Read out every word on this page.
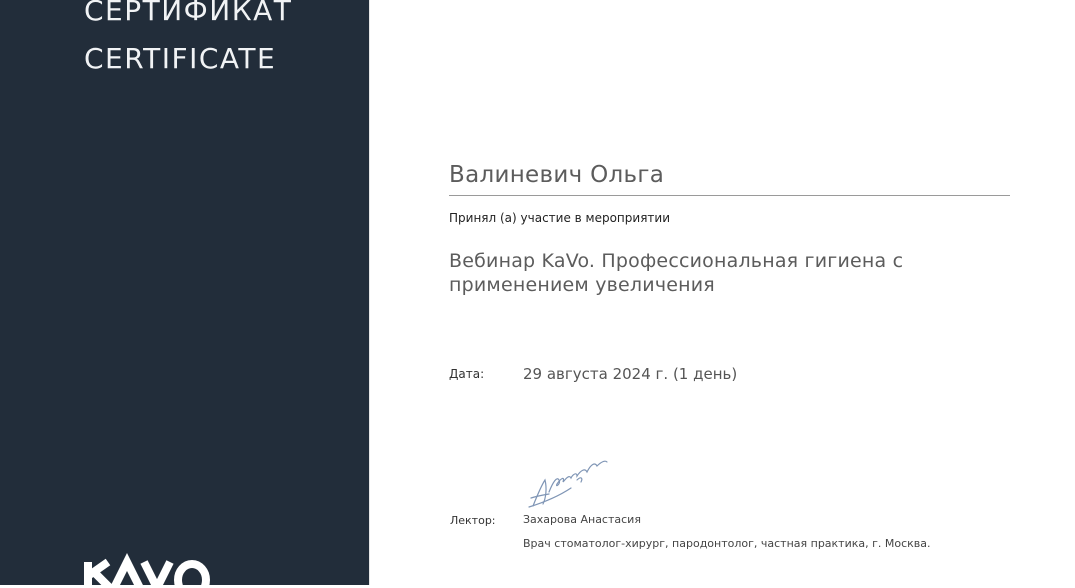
СЕРТИФИКАТ
CERTIFICATE
Валиневич Ольга
Принял (а) участие в мероприятии
Вебинар KaVo. Профессиональная гигиена с применением увеличения
Дата:	29 августа 2024 г. (1 день)
Лектор: Захарова Анастасия
Врач стоматолог-хирург, пародонтолог, частная практика, г. Москва.
